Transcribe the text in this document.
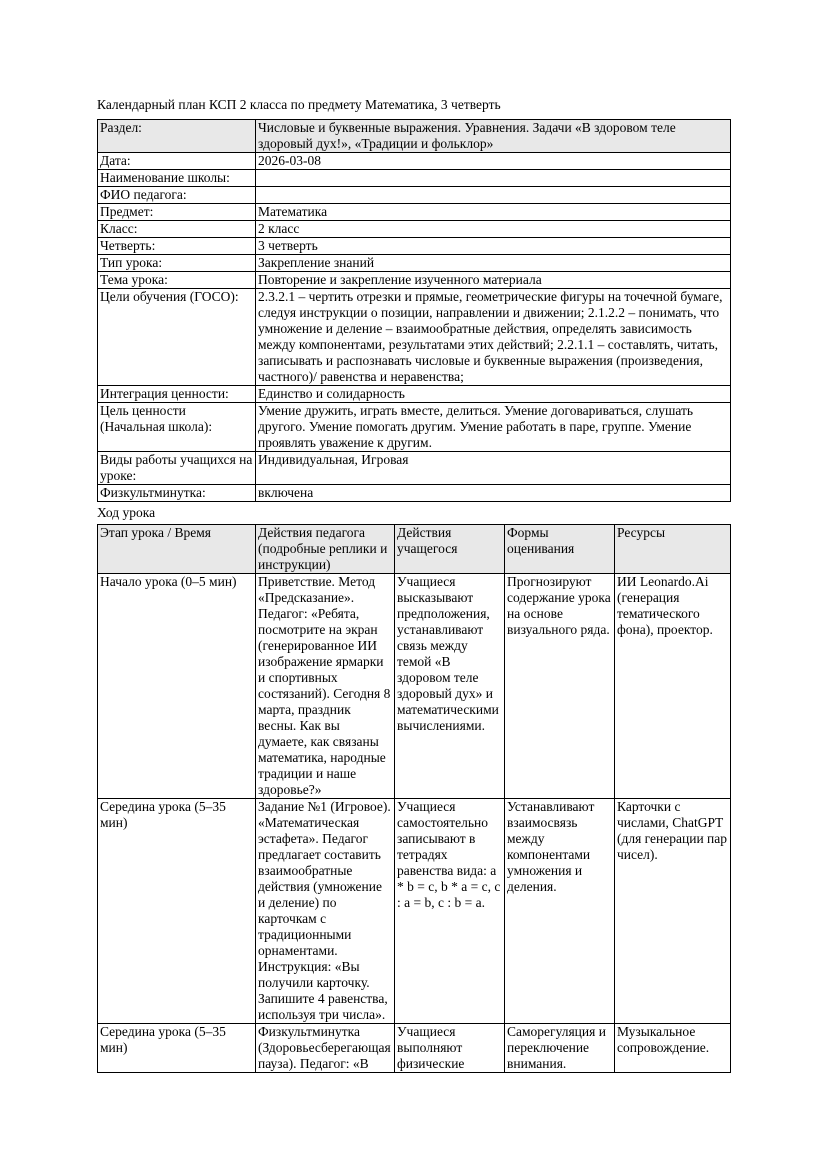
Календарный план КСП 2 класса по предмету Математика, 3 четверть
Раздел:	Числовые и буквенные выражения. Уравнения. Задачи «В здоровом теле здоровый дух!», «Традиции и фольклор»
Дата:	2026-03-08
Наименование школы:	
ФИО педагога:	
Предмет:	Математика
Класс:	2 класс
Четверть:	3 четверть
Тип урока:	Закрепление знаний
Тема урока:	Повторение и закрепление изученного материала
Цели обучения (ГОСО):	2.3.2.1 – чертить отрезки и прямые, геометрические фигуры на точечной бумаге, следуя инструкции о позиции, направлении и движении; 2.1.2.2 – понимать, что умножение и деление – взаимообратные действия, определять зависимость между компонентами, результатами этих действий; 2.2.1.1 – составлять, читать, записывать и распознавать числовые и буквенные выражения (произведения, частного)/ равенства и неравенства;
Интеграция ценности:	Единство и солидарность
Цель ценности (Начальная школа):	Умение дружить, играть вместе, делиться. Умение договариваться, слушать другого. Умение помогать другим. Умение работать в паре, группе. Умение проявлять уважение к другим.
Виды работы учащихся на уроке:	Индивидуальная, Игровая
Физкультминутка:	включена
Ход урока
Этап урока / Время	Действия педагога (подробные реплики и инструкции)	Действия учащегося	Формы оценивания	Ресурсы
Начало урока (0–5 мин)	Приветствие. Метод «Предсказание». Педагог: «Ребята, посмотрите на экран (генерированное ИИ изображение ярмарки и спортивных состязаний). Сегодня 8 марта, праздник весны. Как вы думаете, как связаны математика, народные традиции и наше здоровье?»	Учащиеся высказывают предположения, устанавливают связь между темой «В здоровом теле здоровый дух» и математическими вычислениями.	Прогнозируют содержание урока на основе визуального ряда.	ИИ Leonardo.Ai (генерация тематического фона), проектор.
Середина урока (5–35 мин)	Задание №1 (Игровое). «Математическая эстафета». Педагог предлагает составить взаимообратные действия (умножение и деление) по карточкам с традиционными орнаментами. Инструкция: «Вы получили карточку. Запишите 4 равенства, используя три числа».	Учащиеся самостоятельно записывают в тетрадях равенства вида: a * b = c, b * a = c, c : a = b, c : b = a.	Устанавливают взаимосвязь между компонентами умножения и деления.	Карточки с числами, ChatGPT (для генерации пар чисел).
Середина урока (5–35 мин)	Физкультминутка (Здоровьесберегающая пауза). Педагог: «В	Учащиеся выполняют физические	Саморегуляция и переключение внимания.	Музыкальное сопровождение.
